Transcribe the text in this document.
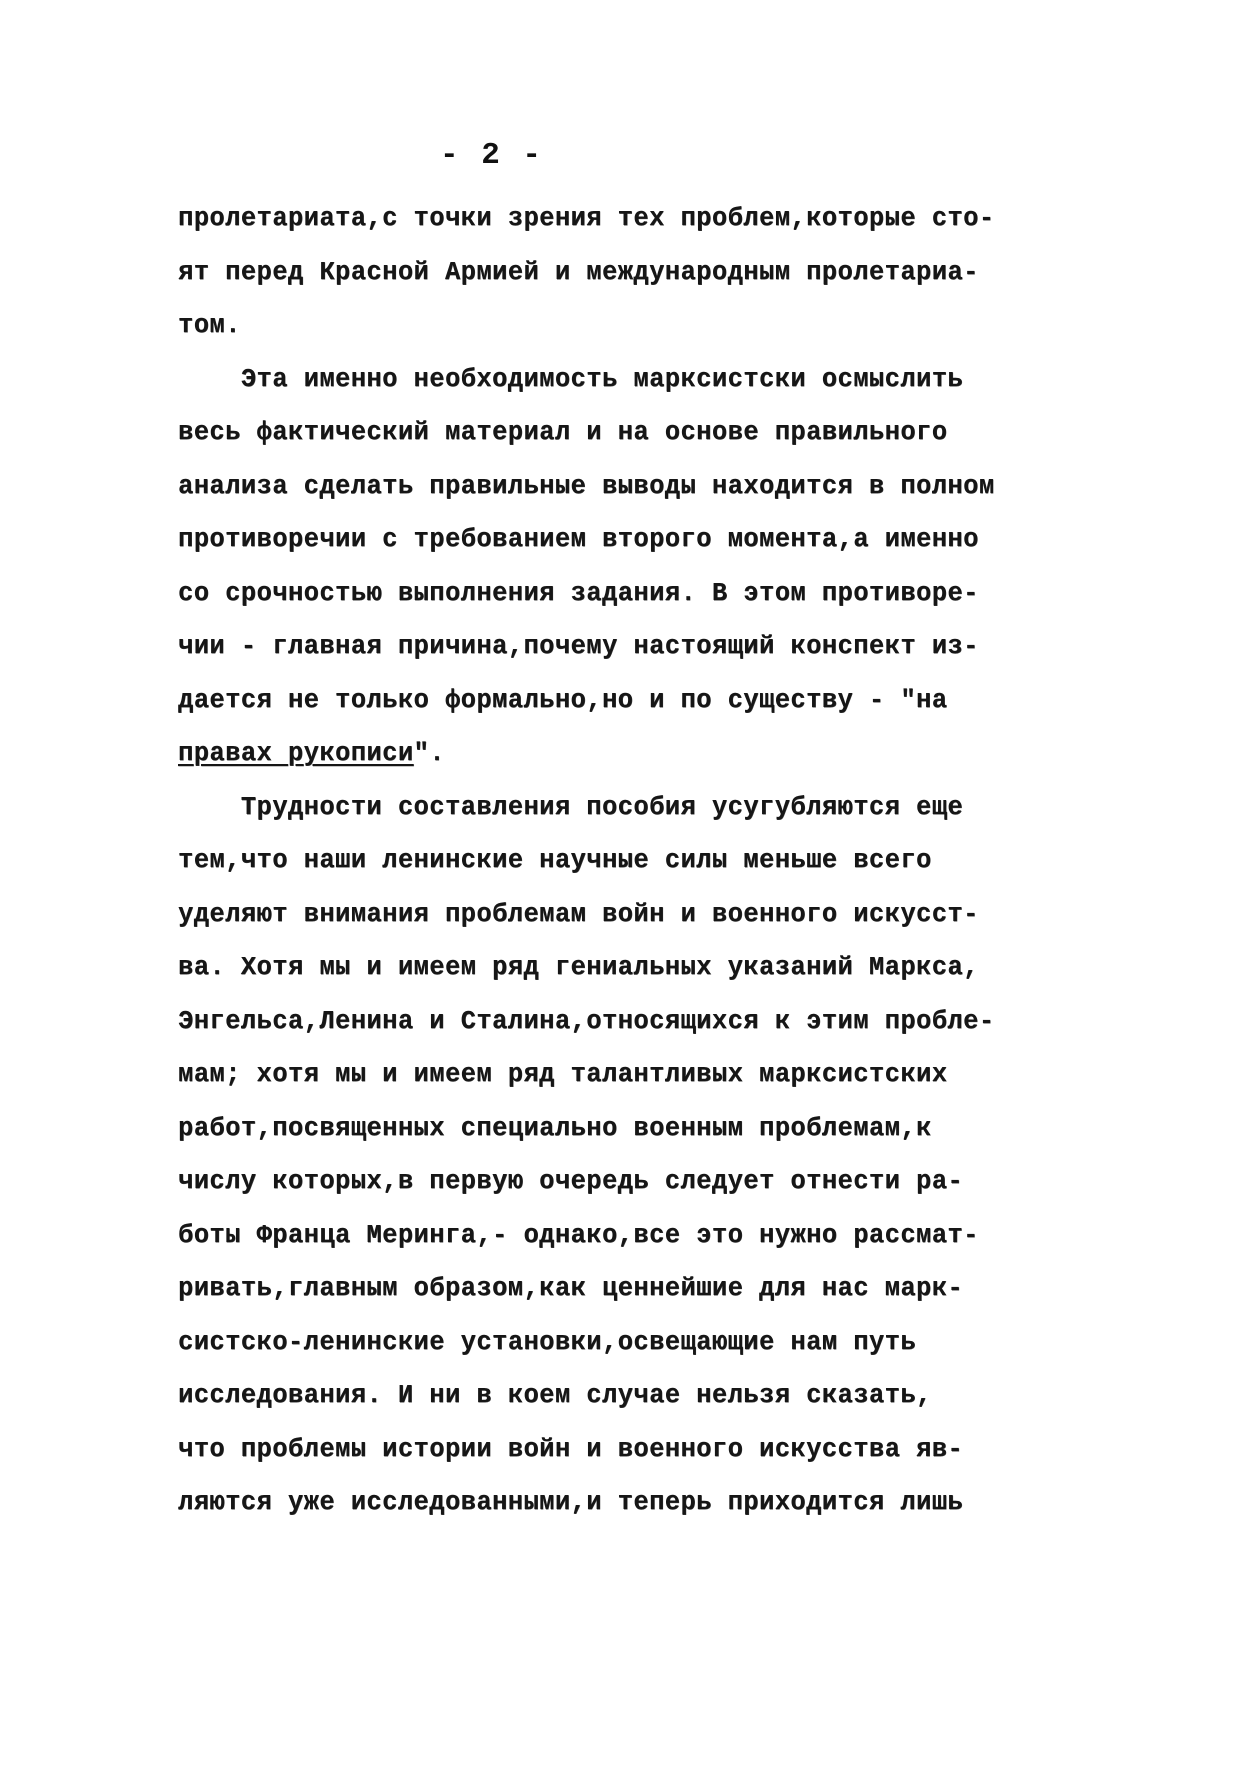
- 2 -
пролетариата,с точки зрения тех проблем,которые сто-
ят перед Красной Армией и международным пролетариа-
том.
Эта именно необходимость марксистски осмыслить
весь фактический материал и на основе правильного
анализа сделать правильные выводы находится в полном
противоречии с требованием второго момента,а именно
со срочностью выполнения задания. В этом противоре-
чии - главная причина,почему настоящий конспект из-
дается не только формально,но и по существу - "на
правах рукописи".
Трудности составления пособия усугубляются еще
тем,что наши ленинские научные силы меньше всего
уделяют внимания проблемам войн и военного искусст-
ва. Хотя мы и имеем ряд гениальных указаний Маркса,
Энгельса,Ленина и Сталина,относящихся к этим пробле-
мам; хотя мы и имеем ряд талантливых марксистских
работ,посвященных специально военным проблемам,к
числу которых,в первую очередь следует отнести ра-
боты Франца Меринга,- однако,все это нужно рассмат-
ривать,главным образом,как ценнейшие для нас марк-
систско-ленинские установки,освещающие нам путь
исследования. И ни в коем случае нельзя сказать,
что проблемы истории войн и военного искусства яв-
ляются уже исследованными,и теперь приходится лишь
